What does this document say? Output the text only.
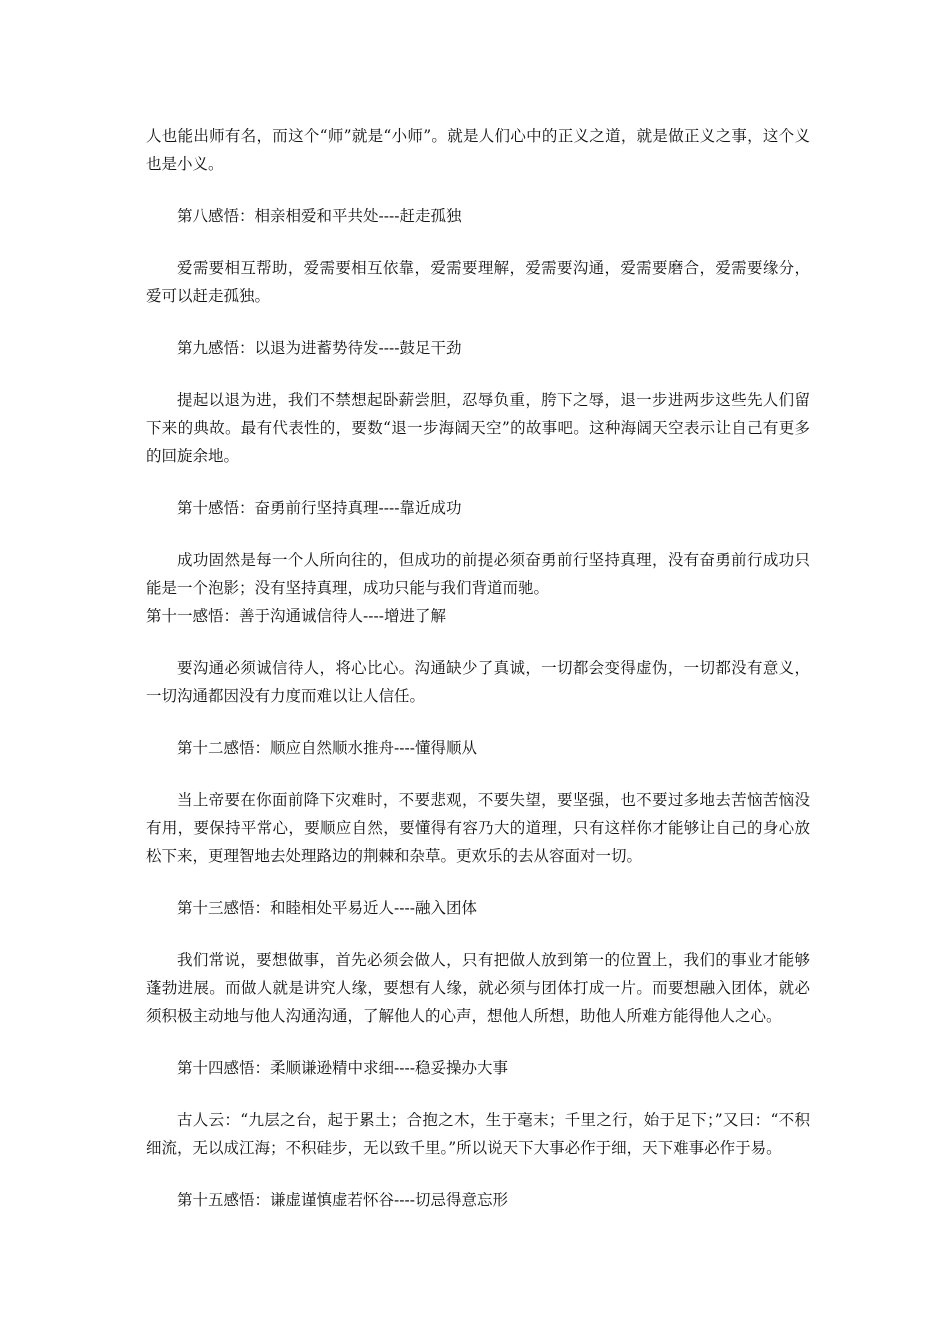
人也能出师有名，而这个“师”就是“小师”。就是人们心中的正义之道，就是做正义之事，这个义也是小义。

第八感悟：相亲相爱和平共处----赶走孤独

爱需要相互帮助，爱需要相互依靠，爱需要理解，爱需要沟通，爱需要磨合，爱需要缘分，爱可以赶走孤独。

第九感悟：以退为进蓄势待发----鼓足干劲

提起以退为进，我们不禁想起卧薪尝胆，忍辱负重，胯下之辱，退一步进两步这些先人们留下来的典故。最有代表性的，要数“退一步海阔天空”的故事吧。这种海阔天空表示让自己有更多的回旋余地。

第十感悟：奋勇前行坚持真理----靠近成功

成功固然是每一个人所向往的，但成功的前提必须奋勇前行坚持真理，没有奋勇前行成功只能是一个泡影；没有坚持真理，成功只能与我们背道而驰。

第十一感悟：善于沟通诚信待人----增进了解

要沟通必须诚信待人，将心比心。沟通缺少了真诚，一切都会变得虚伪，一切都没有意义，一切沟通都因没有力度而难以让人信任。

第十二感悟：顺应自然顺水推舟----懂得顺从

当上帝要在你面前降下灾难时，不要悲观，不要失望，要坚强，也不要过多地去苦恼苦恼没有用，要保持平常心，要顺应自然，要懂得有容乃大的道理，只有这样你才能够让自己的身心放松下来，更理智地去处理路边的荆棘和杂草。更欢乐的去从容面对一切。

第十三感悟：和睦相处平易近人----融入团体

我们常说，要想做事，首先必须会做人，只有把做人放到第一的位置上，我们的事业才能够蓬勃进展。而做人就是讲究人缘，要想有人缘，就必须与团体打成一片。而要想融入团体，就必须积极主动地与他人沟通沟通，了解他人的心声，想他人所想，助他人所难方能得他人之心。

第十四感悟：柔顺谦逊精中求细----稳妥操办大事

古人云：“九层之台，起于累土；合抱之木，生于毫末；千里之行，始于足下；”又曰：“不积细流，无以成江海；不积硅步，无以致千里。”所以说天下大事必作于细，天下难事必作于易。

第十五感悟：谦虚谨慎虚若怀谷----切忌得意忘形
